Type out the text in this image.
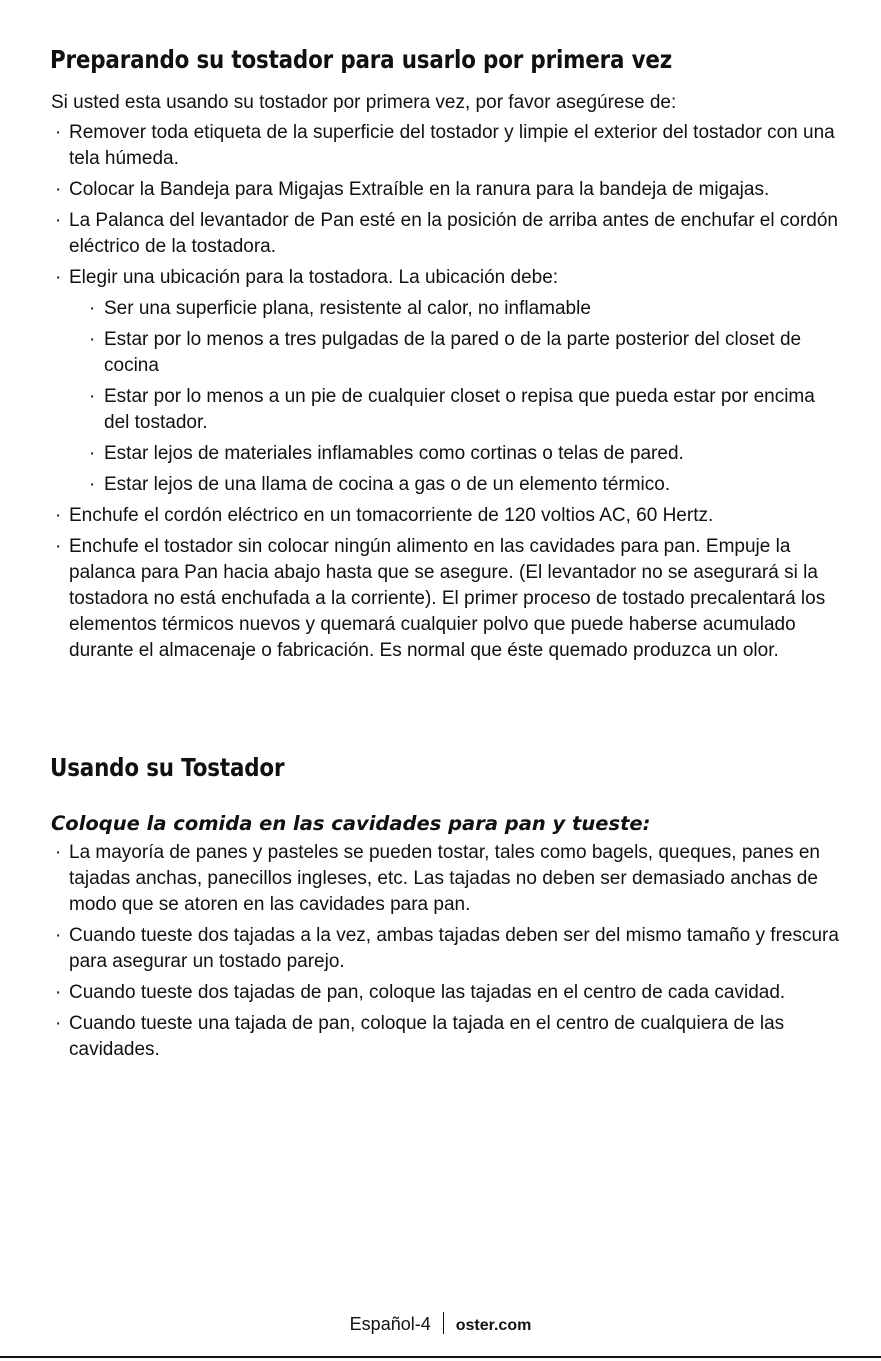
Preparando su tostador para usarlo por primera vez

Si usted esta usando su tostador por primera vez, por favor asegúrese de:

· Remover toda etiqueta de la superficie del tostador y limpie el exterior del tostador con una tela húmeda.
· Colocar la Bandeja para Migajas Extraíble en la ranura para la bandeja de migajas.
· La Palanca del levantador de Pan esté en la posición de arriba antes de enchufar el cordón eléctrico de la tostadora.
· Elegir una ubicación para la tostadora. La ubicación debe:
· Ser una superficie plana, resistente al calor, no inflamable
· Estar por lo menos a tres pulgadas de la pared o de la parte posterior del closet de cocina
· Estar por lo menos a un pie de cualquier closet o repisa que pueda estar por encima del tostador.
· Estar lejos de materiales inflamables como cortinas o telas de pared.
· Estar lejos de una llama de cocina a gas o de un elemento térmico.
· Enchufe el cordón eléctrico en un tomacorriente de 120 voltios AC, 60 Hertz.
· Enchufe el tostador sin colocar ningún alimento en las cavidades para pan. Empuje la palanca para Pan hacia abajo hasta que se asegure. (El levantador no se asegurará si la tostadora no está enchufada a la corriente). El primer proceso de tostado precalentará los elementos térmicos nuevos y quemará cualquier polvo que puede haberse acumulado durante el almacenaje o fabricación. Es normal que éste quemado produzca un olor.
Usando su Tostador
Coloque la comida en las cavidades para pan y tueste:
· La mayoría de panes y pasteles se pueden tostar, tales como bagels, queques, panes en tajadas anchas, panecillos ingleses, etc. Las tajadas no deben ser demasiado anchas de modo que se atoren en las cavidades para pan.
· Cuando tueste dos tajadas a la vez, ambas tajadas deben ser del mismo tamaño y frescura para asegurar un tostado parejo.
· Cuando tueste dos tajadas de pan, coloque las tajadas en el centro de cada cavidad.
· Cuando tueste una tajada de pan, coloque la tajada en el centro de cualquiera de las cavidades.
Español-4 oster.com
